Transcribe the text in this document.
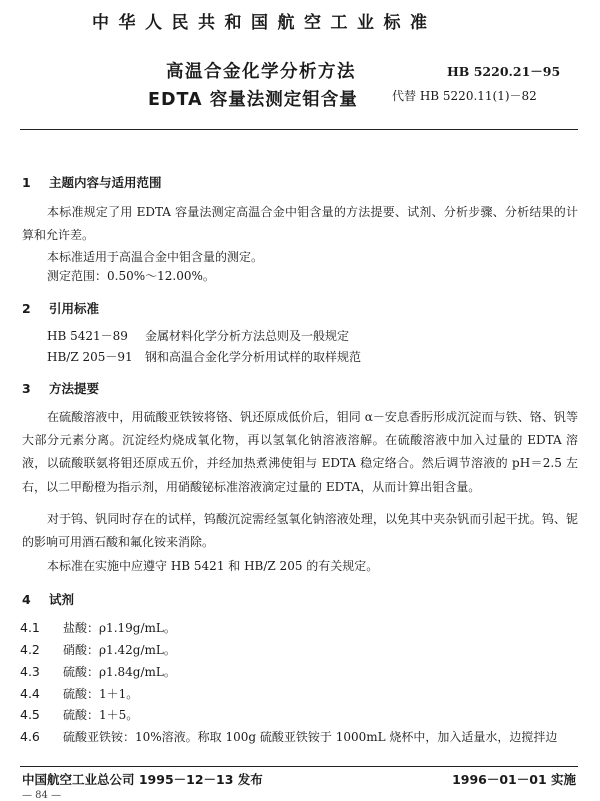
中华人民共和国航空工业标准
高温合金化学分析方法
EDTA 容量法测定钼含量
HB 5220.21－95
代替 HB 5220.11(1)－82
1 主题内容与适用范围

本标准规定了用 EDTA 容量法测定高温合金中钼含量的方法提要、试剂、分析步骤、分析结果的计算和允许差。

本标准适用于高温合金中钼含量的测定。
测定范围：0.50%～12.00%。
2 引用标准
HB 5421－89 金属材料化学分析方法总则及一般规定
HB/Z 205－91 钢和高温合金化学分析用试样的取样规范
3 方法提要

在硫酸溶液中，用硫酸亚铁铵将铬、钒还原成低价后，钼同 α－安息香肟形成沉淀而与铁、铬、钒等大部分元素分离。沉淀经灼烧成氧化物，再以氢氧化钠溶液溶解。在硫酸溶液中加入过量的 EDTA 溶液，以硫酸联氨将钼还原成五价，并经加热煮沸使钼与 EDTA 稳定络合。然后调节溶液的 pH＝2.5 左右，以二甲酚橙为指示剂，用硝酸铋标准溶液滴定过量的 EDTA，从而计算出钼含量。

对于钨、钒同时存在的试样，钨酸沉淀需经氢氧化钠溶液处理，以免其中夹杂钒而引起干扰。钨、铌的影响可用酒石酸和氟化铵来消除。

本标准在实施中应遵守 HB 5421 和 HB/Z 205 的有关规定。
4 试剂
4.1 盐酸：ρ1.19g/mL。
4.2 硝酸：ρ1.42g/mL。
4.3 硫酸：ρ1.84g/mL。
4.4 硫酸：1＋1。
4.5 硫酸：1＋5。
4.6 硫酸亚铁铵：10%溶液。称取 100g 硫酸亚铁铵于 1000mL 烧杯中，加入适量水，边搅拌边
中国航空工业总公司 1995－12－13 发布	1996－01－01 实施
— 84 —
